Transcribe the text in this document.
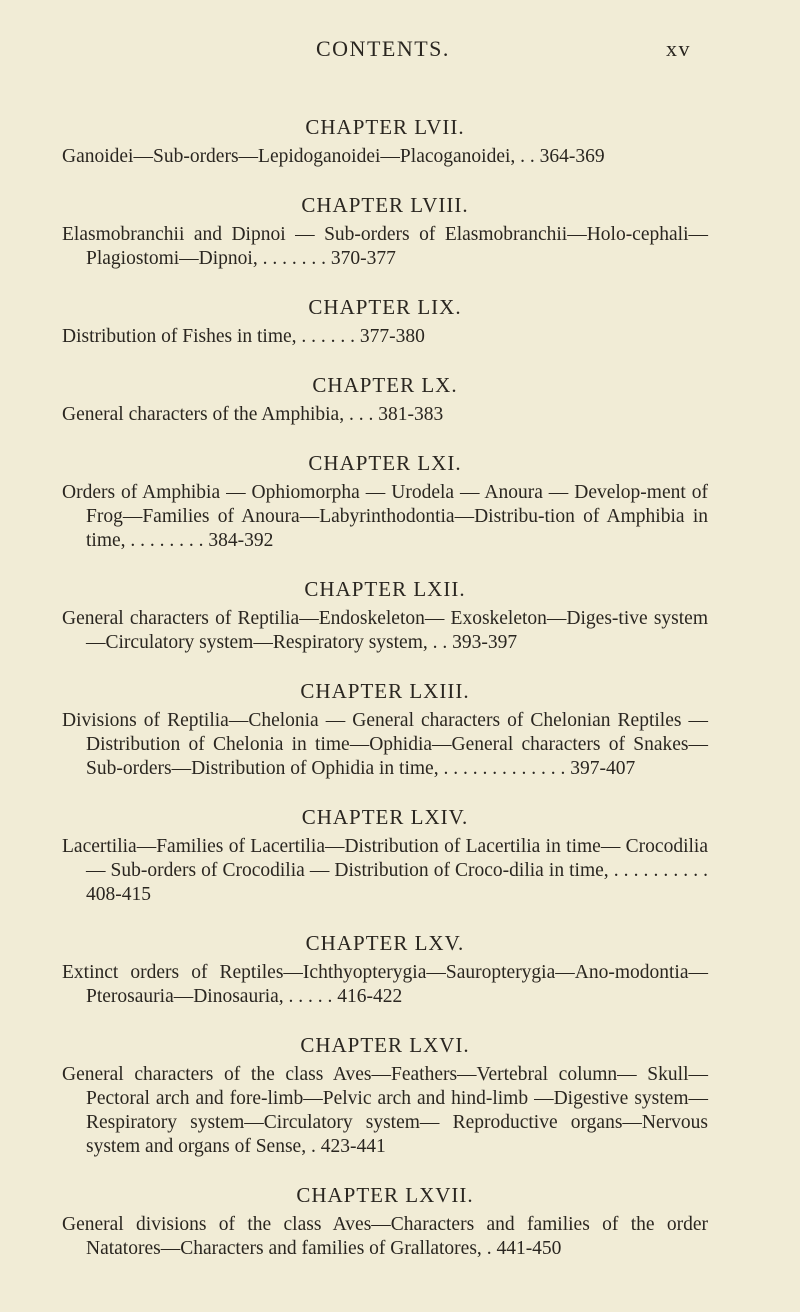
CONTENTS.	xv
CHAPTER LVII.
Ganoidei—Sub-orders—Lepidoganoidei—Placoganoidei, . . 364-369
CHAPTER LVIII.
Elasmobranchii and Dipnoi — Sub-orders of Elasmobranchii—Holo-cephali—Plagiostomi—Dipnoi, . . . . . . . 370-377
CHAPTER LIX.
Distribution of Fishes in time, . . . . . . 377-380
CHAPTER LX.
General characters of the Amphibia, . . . 381-383
CHAPTER LXI.
Orders of Amphibia — Ophiomorpha — Urodela — Anoura — Develop-ment of Frog—Families of Anoura—Labyrinthodontia—Distribu-tion of Amphibia in time, . . . . . . . . 384-392
CHAPTER LXII.
General characters of Reptilia—Endoskeleton— Exoskeleton—Diges-tive system—Circulatory system—Respiratory system, . . 393-397
CHAPTER LXIII.
Divisions of Reptilia—Chelonia — General characters of Chelonian Reptiles — Distribution of Chelonia in time—Ophidia—General characters of Snakes—Sub-orders—Distribution of Ophidia in time, . . . . . . . . . . . . . 397-407
CHAPTER LXIV.
Lacertilia—Families of Lacertilia—Distribution of Lacertilia in time— Crocodilia — Sub-orders of Crocodilia — Distribution of Croco-dilia in time, . . . . . . . . . . 408-415
CHAPTER LXV.
Extinct orders of Reptiles—Ichthyopterygia—Sauropterygia—Ano-modontia—Pterosauria—Dinosauria, . . . . . 416-422
CHAPTER LXVI.
General characters of the class Aves—Feathers—Vertebral column— Skull—Pectoral arch and fore-limb—Pelvic arch and hind-limb —Digestive system—Respiratory system—Circulatory system— Reproductive organs—Nervous system and organs of Sense, . 423-441
CHAPTER LXVII.
General divisions of the class Aves—Characters and families of the order Natatores—Characters and families of Grallatores, . 441-450
